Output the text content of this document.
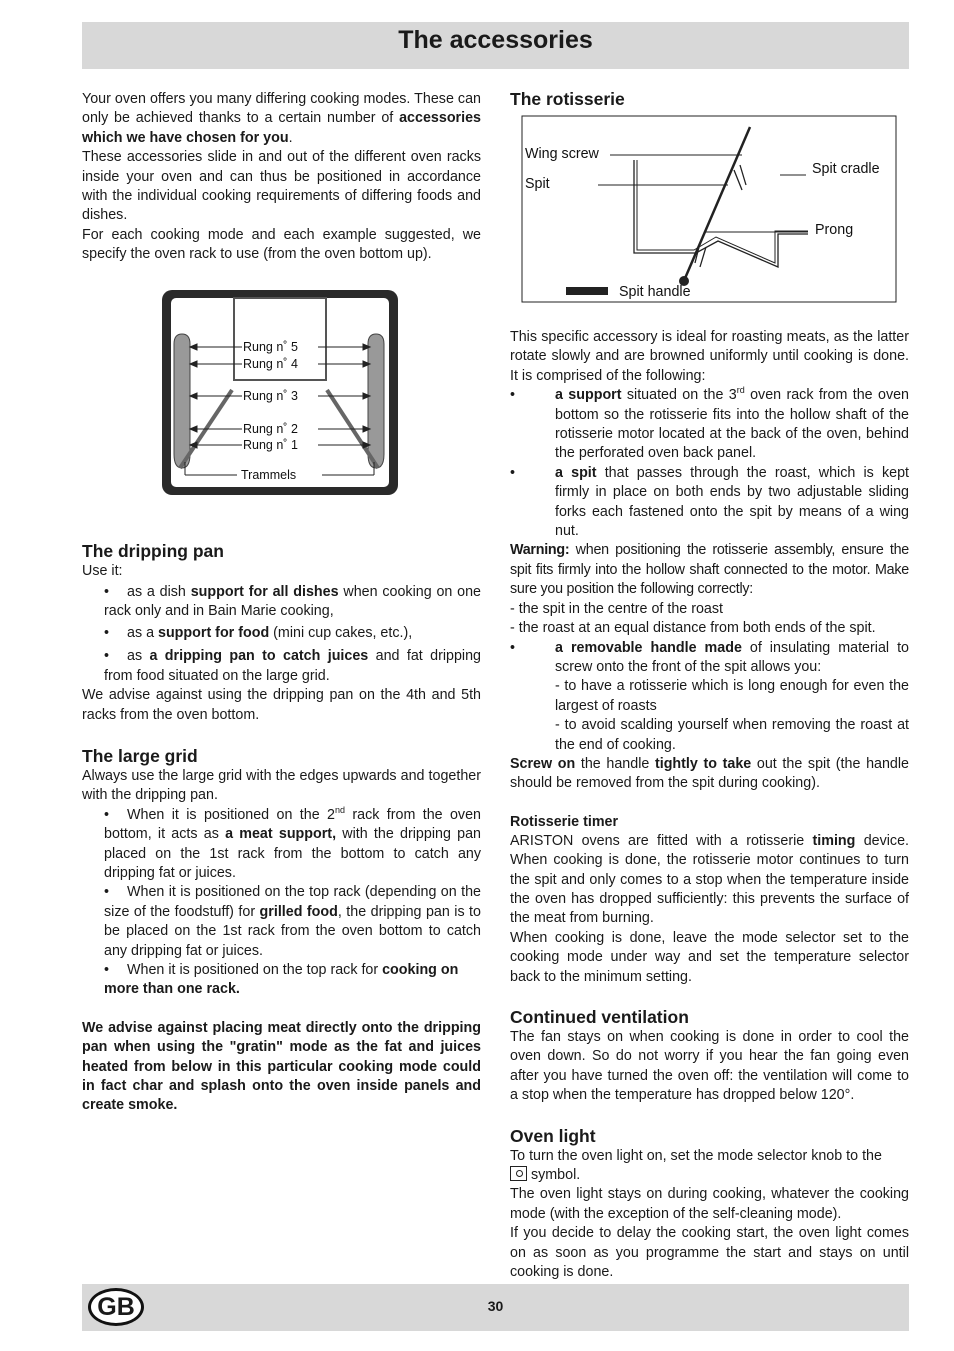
The accessories

Your oven offers you many differing cooking modes. These can only be achieved thanks to a certain number of accessories which we have chosen for you.

These accessories slide in and out of the different oven racks inside your oven and can thus be positioned in accordance with the individual cooking requirements of differing foods and dishes.

For each cooking mode and each example suggested, we specify the oven rack to use (from the oven bottom up).

Rung n˚ 5
Rung n˚ 4
Rung n˚ 3
Rung n˚ 2
Rung n˚ 1
Trammels
The dripping pan

Use it:

• as a dish support for all dishes when cooking on one rack only and in Bain Marie cooking,

• as a support for food (mini cup cakes, etc.),

• as a dripping pan to catch juices and fat dripping from food situated on the large grid.

We advise against using the dripping pan on the 4th and 5th racks from the oven bottom.

The large grid

Always use the large grid with the edges upwards and together with the dripping pan.

• When it is positioned on the 2nd rack from the oven bottom, it acts as a meat support, with the dripping pan placed on the 1st rack from the bottom to catch any dripping fat or juices.

• When it is positioned on the top rack (depending on the size of the foodstuff) for grilled food, the dripping pan is to be placed on the 1st rack from the oven bottom to catch any dripping fat or juices.

• When it is positioned on the top rack for cooking on more than one rack.

We advise against placing meat directly onto the dripping pan when using the "gratin" mode as the fat and juices heated from below in this particular cooking mode could in fact char and splash onto the oven inside panels and create smoke.

The rotisserie
Wing screw
Spit
Spit cradle
Prong
Spit handle

This specific accessory is ideal for roasting meats, as the latter rotate slowly and are browned uniformly until cooking is done. It is comprised of the following:

•	a support situated on the 3rd oven rack from the oven bottom so the rotisserie fits into the hollow shaft of the rotisserie motor located at the back of the oven, behind the perforated oven back panel.

•	a spit that passes through the roast, which is kept firmly in place on both ends by two adjustable sliding forks each fastened onto the spit by means of a wing nut.

Warning: when positioning the rotisserie assembly, ensure the spit fits firmly into the hollow shaft connected to the motor. Make sure you position the following correctly:

- the spit in the centre of the roast

- the roast at an equal distance from both ends of the spit.

•	a removable handle made of insulating material to screw onto the front of the spit allows you:

- to have a rotisserie which is long enough for even the largest of roasts

- to avoid scalding yourself when removing the roast at the end of cooking.

Screw on the handle tightly to take out the spit (the handle should be removed from the spit during cooking).

Rotisserie timer

ARISTON ovens are fitted with a rotisserie timing device. When cooking is done, the rotisserie motor continues to turn the spit and only comes to a stop when the temperature inside the oven has dropped sufficiently: this prevents the surface of the meat from burning.

When cooking is done, leave the mode selector set to the cooking mode under way and set the temperature selector back to the minimum setting.

Continued ventilation

The fan stays on when cooking is done in order to cool the oven down. So do not worry if you hear the fan going even after you have turned the oven off: the ventilation will come to a stop when the temperature has dropped below 120°.

Oven light

To turn the oven light on, set the mode selector knob to the

symbol.

The oven light stays on during cooking, whatever the cooking mode (with the exception of the self-cleaning mode).

If you decide to delay the cooking start, the oven light comes on as soon as you programme the start and stays on until cooking is done.

GB	30
